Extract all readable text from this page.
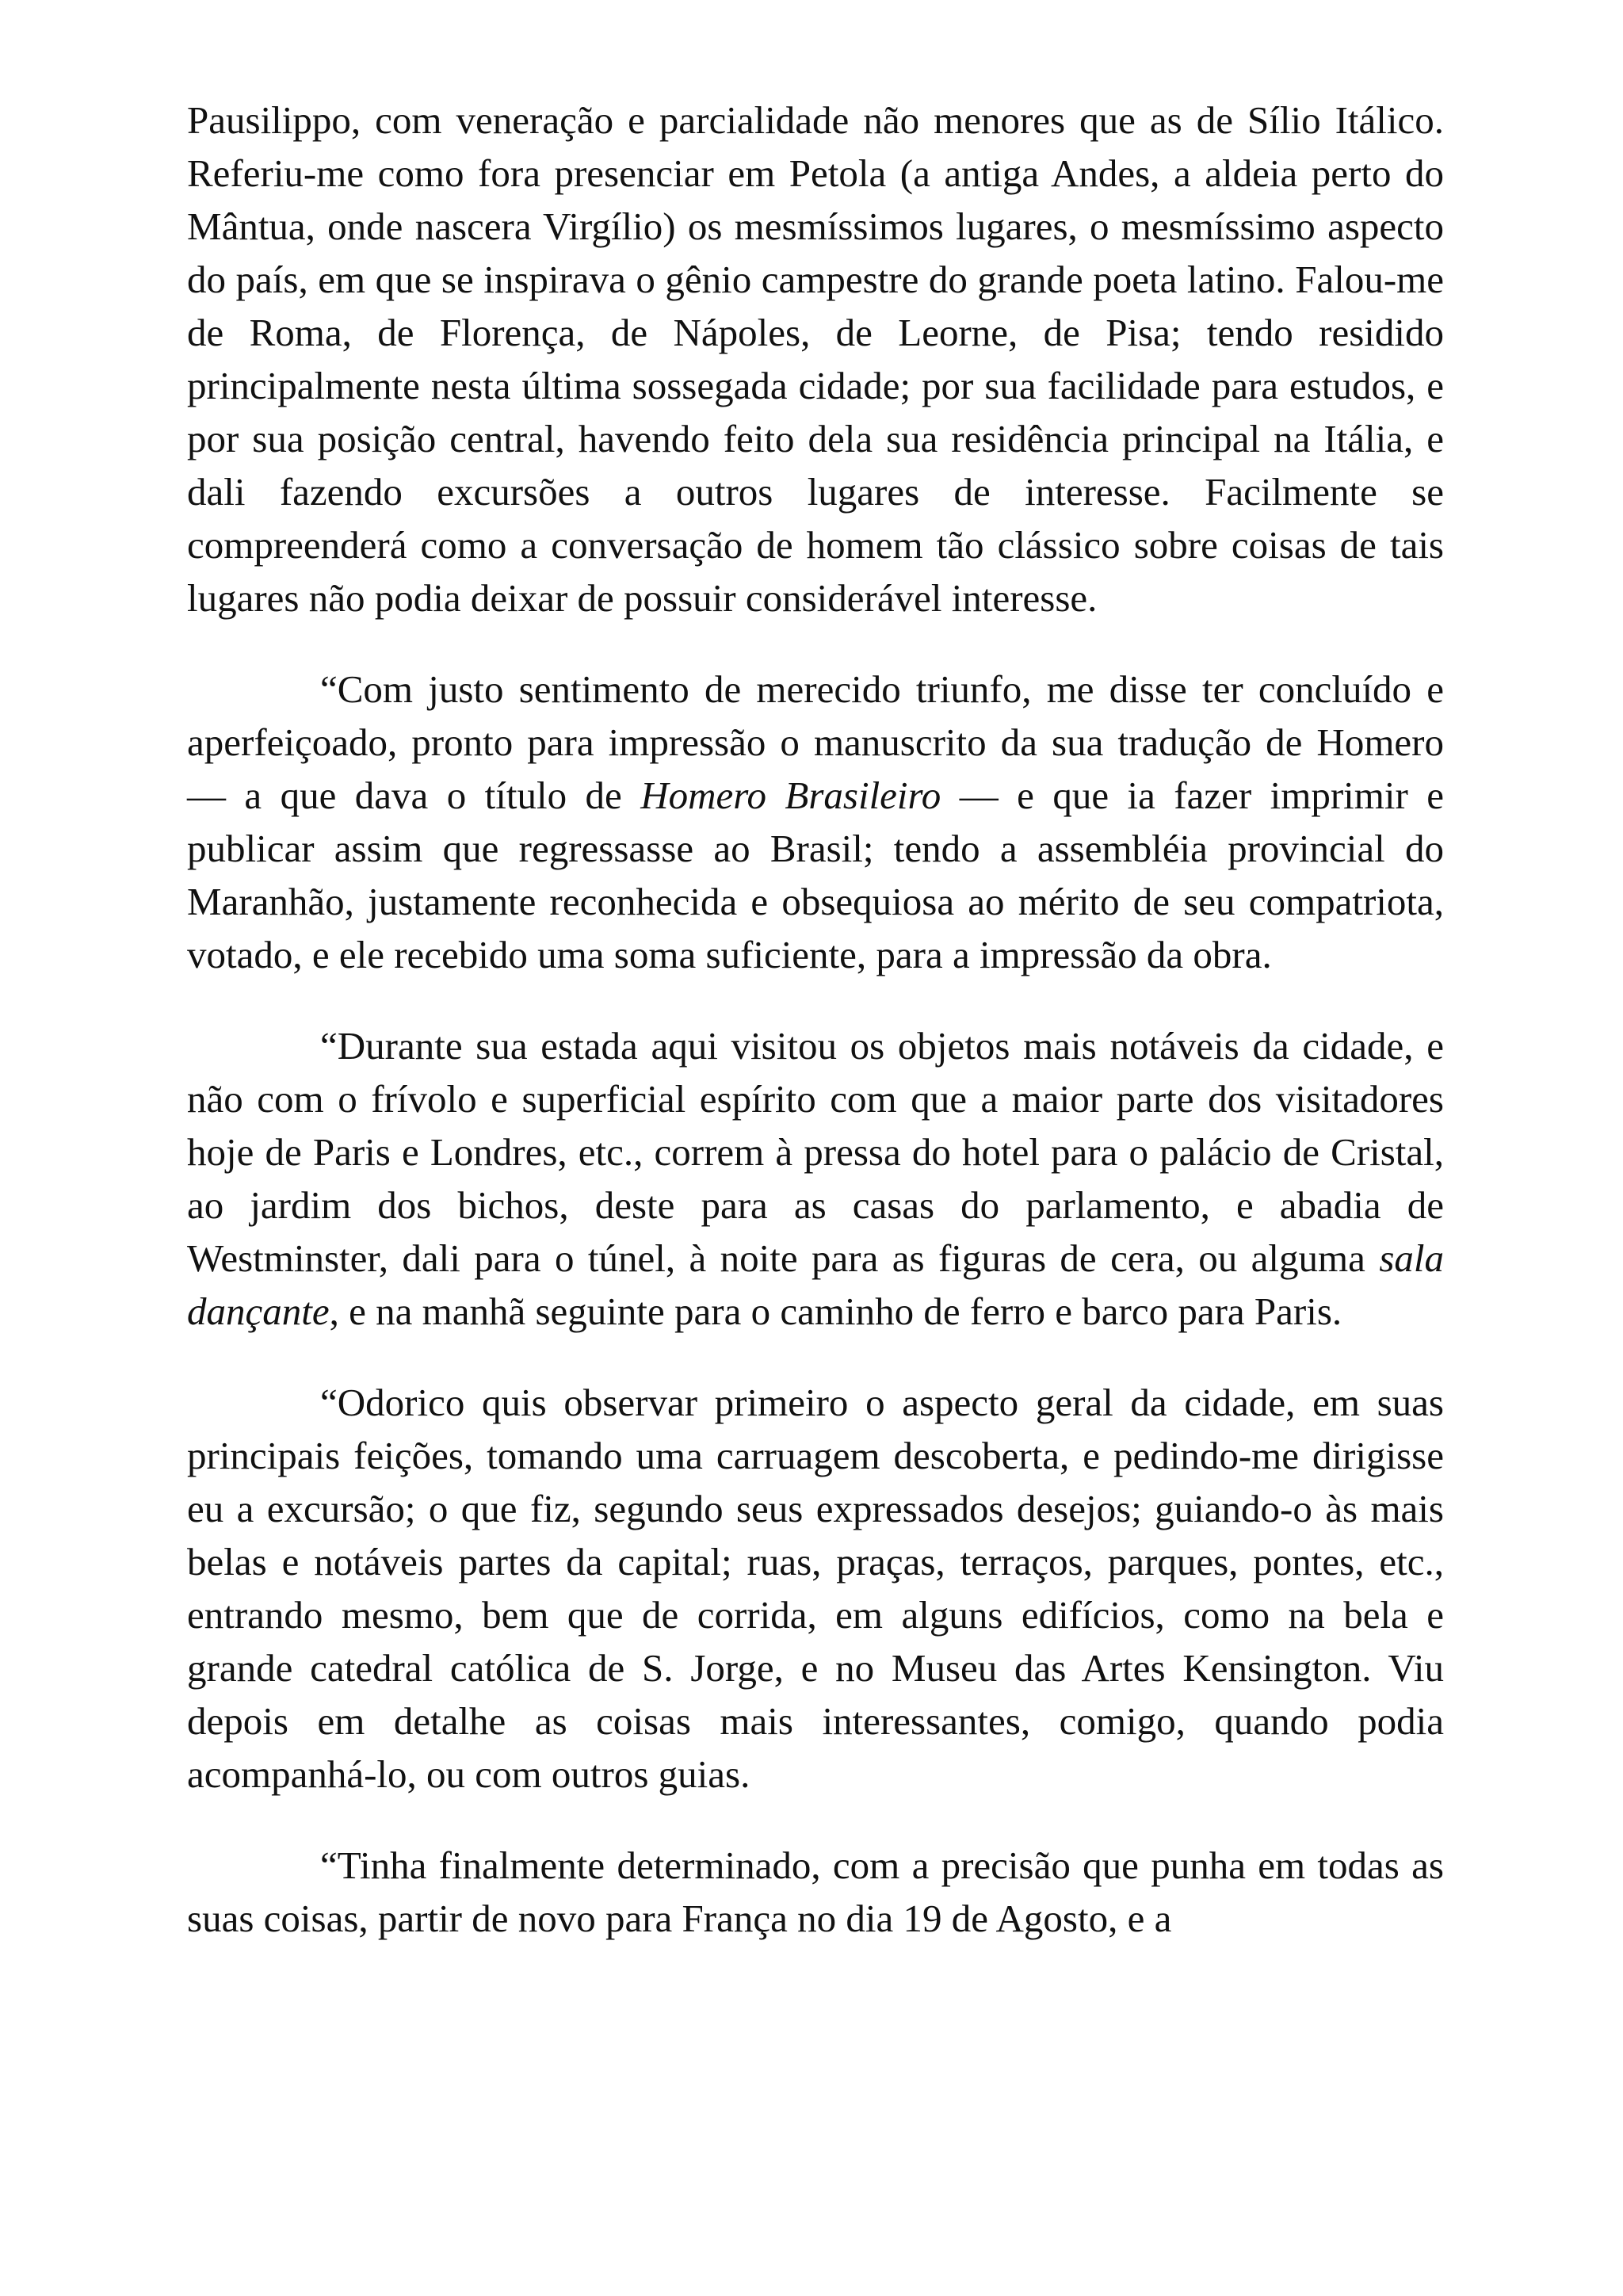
Pausilippo, com veneração e parcialidade não menores que as de Sílio Itálico. Referiu-me como fora presenciar em Petola (a antiga Andes, a aldeia perto do Mântua, onde nascera Virgílio) os mesmíssimos lugares, o mesmíssimo aspecto do país, em que se inspirava o gênio campestre do grande poeta latino. Falou-me de Roma, de Florença, de Nápoles, de Leorne, de Pisa; tendo residido principalmente nesta última sossegada cidade; por sua facilidade para estudos, e por sua posição central, havendo feito dela sua residência principal na Itália, e dali fazendo excursões a outros lugares de interesse. Facilmente se compreenderá como a conversação de homem tão clássico sobre coisas de tais lugares não podia deixar de possuir considerável interesse.

“Com justo sentimento de merecido triunfo, me disse ter concluído e aperfeiçoado, pronto para impressão o manuscrito da sua tradução de Homero — a que dava o título de Homero Brasileiro — e que ia fazer imprimir e publicar assim que regressasse ao Brasil; tendo a assembléia provincial do Maranhão, justamente reconhecida e obsequiosa ao mérito de seu compatriota, votado, e ele recebido uma soma suficiente, para a impressão da obra.

“Durante sua estada aqui visitou os objetos mais notáveis da cidade, e não com o frívolo e superficial espírito com que a maior parte dos visitadores hoje de Paris e Londres, etc., correm à pressa do hotel para o palácio de Cristal, ao jardim dos bichos, deste para as casas do parlamento, e abadia de Westminster, dali para o túnel, à noite para as figuras de cera, ou alguma sala dançante, e na manhã seguinte para o caminho de ferro e barco para Paris.

“Odorico quis observar primeiro o aspecto geral da cidade, em suas principais feições, tomando uma carruagem descoberta, e pedindo-me dirigisse eu a excursão; o que fiz, segundo seus expressados desejos; guiando-o às mais belas e notáveis partes da capital; ruas, praças, terraços, parques, pontes, etc., entrando mesmo, bem que de corrida, em alguns edifícios, como na bela e grande catedral católica de S. Jorge, e no Museu das Artes Kensington. Viu depois em detalhe as coisas mais interessantes, comigo, quando podia acompanhá-lo, ou com outros guias.

“Tinha finalmente determinado, com a precisão que punha em todas as suas coisas, partir de novo para França no dia 19 de Agosto, e a
